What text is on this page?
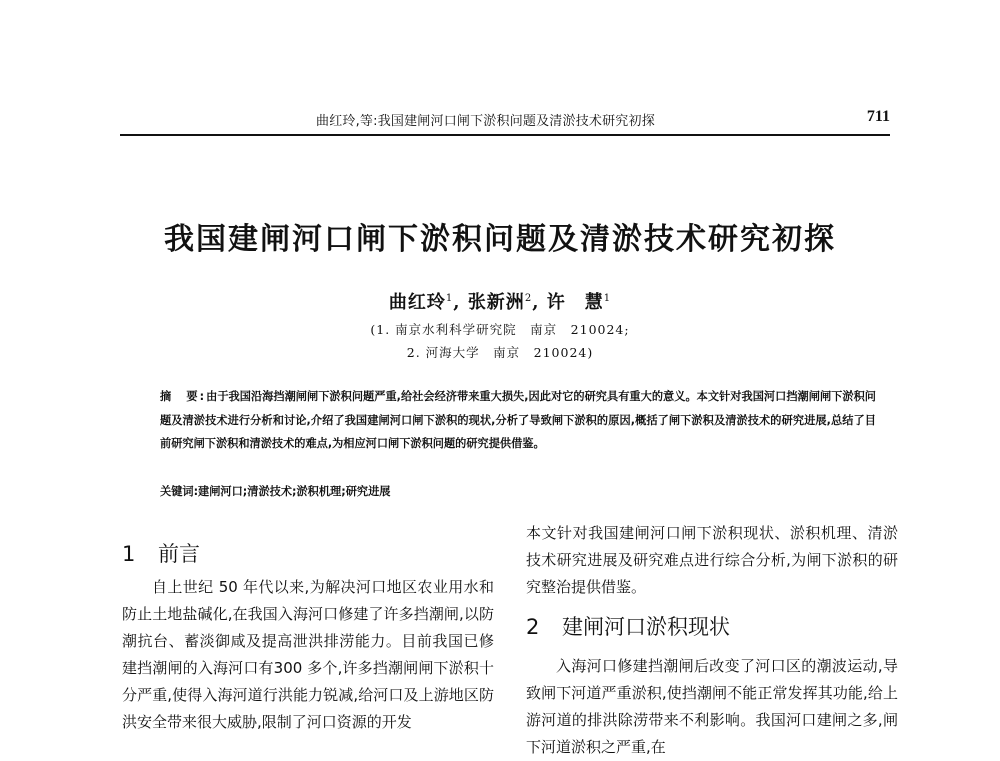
曲红玲,等:我国建闸河口闸下淤积问题及清淤技术研究初探	711
我国建闸河口闸下淤积问题及清淤技术研究初探
曲红玲$^1$, 张新洲$^2$, 许　慧$^1$
(1. 南京水利科学研究院　南京　210024;
2. 河海大学　南京　210024)
摘　要:由于我国沿海挡潮闸闸下淤积问题严重,给社会经济带来重大损失,因此对它的研究具有重大的意义。本文针对我国河口挡潮闸闸下淤积问题及清淤技术进行分析和讨论,介绍了我国建闸河口闸下淤积的现状,分析了导致闸下淤积的原因,概括了闸下淤积及清淤技术的研究进展,总结了目前研究闸下淤积和清淤技术的难点,为相应河口闸下淤积问题的研究提供借鉴。
关键词:建闸河口;清淤技术;淤积机理;研究进展
1 前言

自上世纪 50 年代以来,为解决河口地区农业用水和防止土地盐碱化,在我国入海河口修建了许多挡潮闸,以防潮抗台、蓄淡御咸及提高泄洪排涝能力。目前我国已修建挡潮闸的入海河口有300 多个,许多挡潮闸闸下淤积十分严重,使得入海河道行洪能力锐减,给河口及上游地区防洪安全带来很大威胁,限制了河口资源的开发

本文针对我国建闸河口闸下淤积现状、淤积机理、清淤技术研究进展及研究难点进行综合分析,为闸下淤积的研究整治提供借鉴。

2 建闸河口淤积现状

入海河口修建挡潮闸后改变了河口区的潮波运动,导致闸下河道严重淤积,使挡潮闸不能正常发挥其功能,给上游河道的排洪除涝带来不利影响。我国河口建闸之多,闸下河道淤积之严重,在
